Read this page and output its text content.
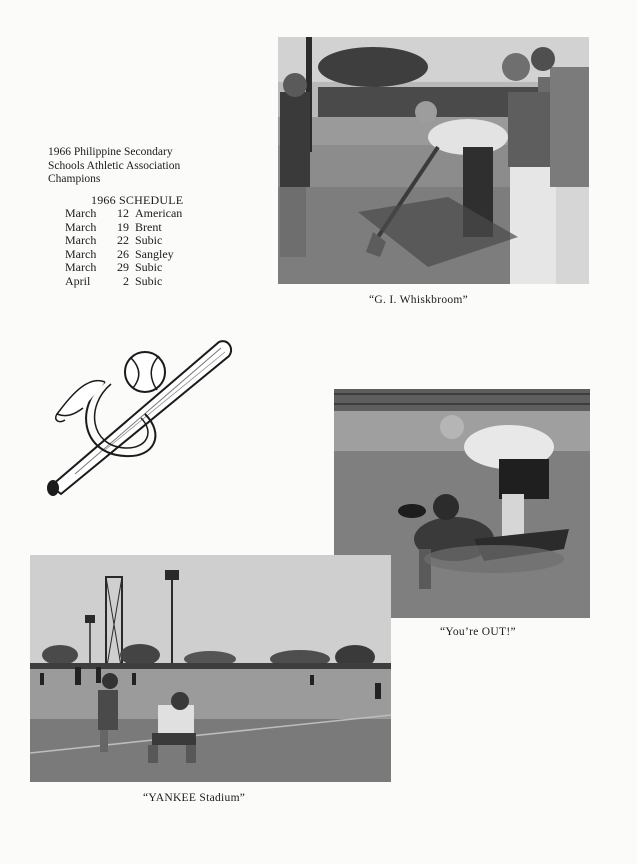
1966 Philippine Secondary
Schools Athletic Association
Champions
1966 SCHEDULE
March	12 American
March	19 Brent
March	22 Subic
March	26 Sangley
March	29 Subic
April	2 Subic
“G. I. Whiskbroom”
“You’re OUT!”
“YANKEE Stadium”
